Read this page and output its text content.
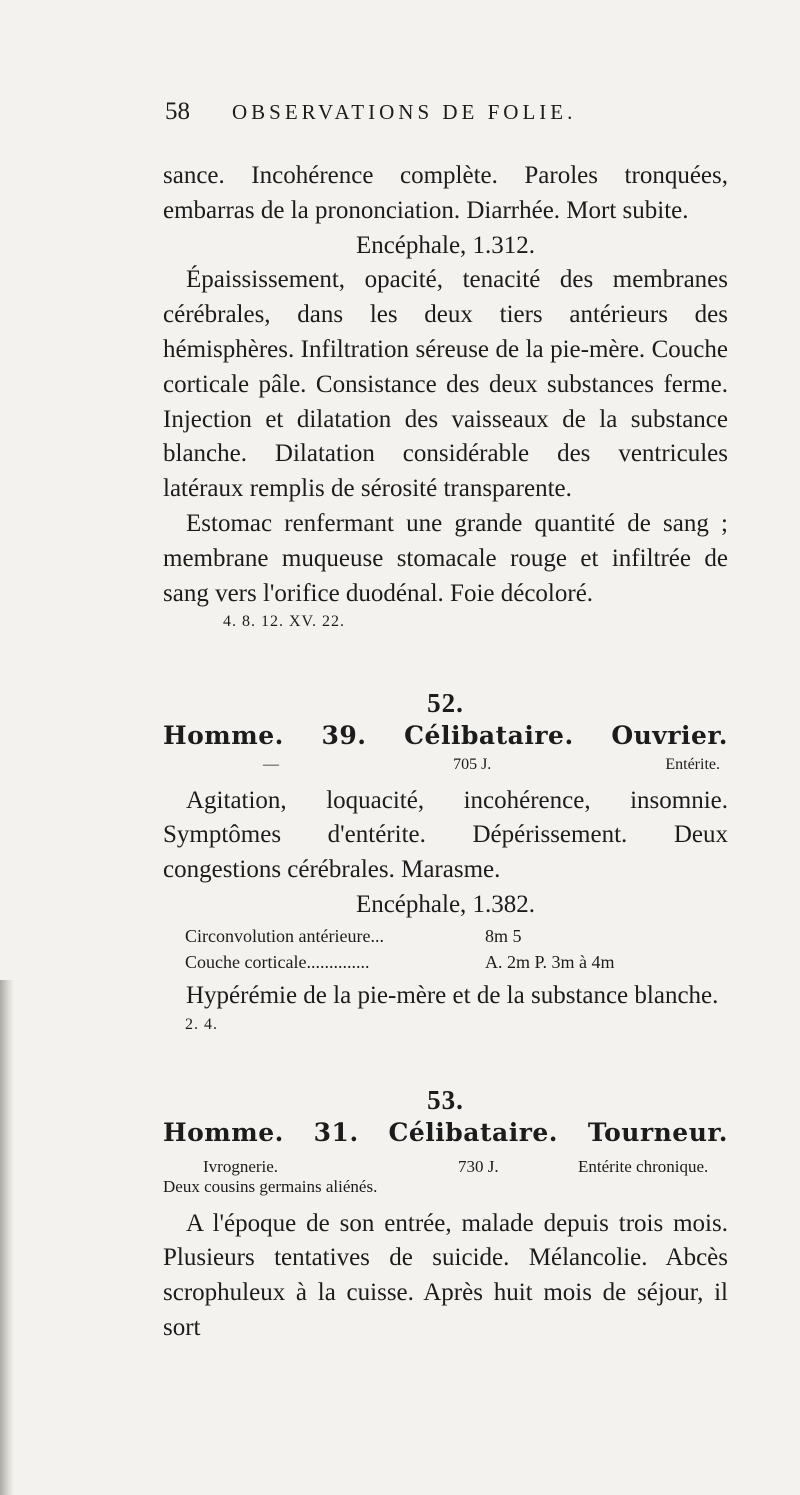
58 OBSERVATIONS DE FOLIE.

sance. Incohérence complète. Paroles tronquées, embarras de la prononciation. Diarrhée. Mort subite.

Encéphale, 1.312.

Épaississement, opacité, tenacité des membranes cérébrales, dans les deux tiers antérieurs des hémisphères. Infiltration séreuse de la pie-mère. Couche corticale pâle. Consistance des deux substances ferme. Injection et dilatation des vaisseaux de la substance blanche. Dilatation considérable des ventricules latéraux remplis de sérosité transparente.

Estomac renfermant une grande quantité de sang ; membrane muqueuse stomacale rouge et infiltrée de sang vers l'orifice duodénal. Foie décoloré.

4. 8. 12. XV. 22.

52.

Homme. 39. Célibataire. Ouvrier.
—	705 J.	Entérite.

Agitation, loquacité, incohérence, insomnie. Symptômes d'entérite. Dépérissement. Deux congestions cérébrales. Marasme.

Encéphale, 1.382.

Circonvolution antérieure...	8m 5
Couche corticale..............	A. 2m P. 3m à 4m

Hypérémie de la pie-mère et de la substance blanche.

2. 4.

53.

Homme. 31. Célibataire. Tourneur.
Ivrognerie.	730 J.	Entérite chronique.
Deux cousins germains aliénés.

A l'époque de son entrée, malade depuis trois mois. Plusieurs tentatives de suicide. Mélancolie. Abcès scrophuleux à la cuisse. Après huit mois de séjour, il sort
